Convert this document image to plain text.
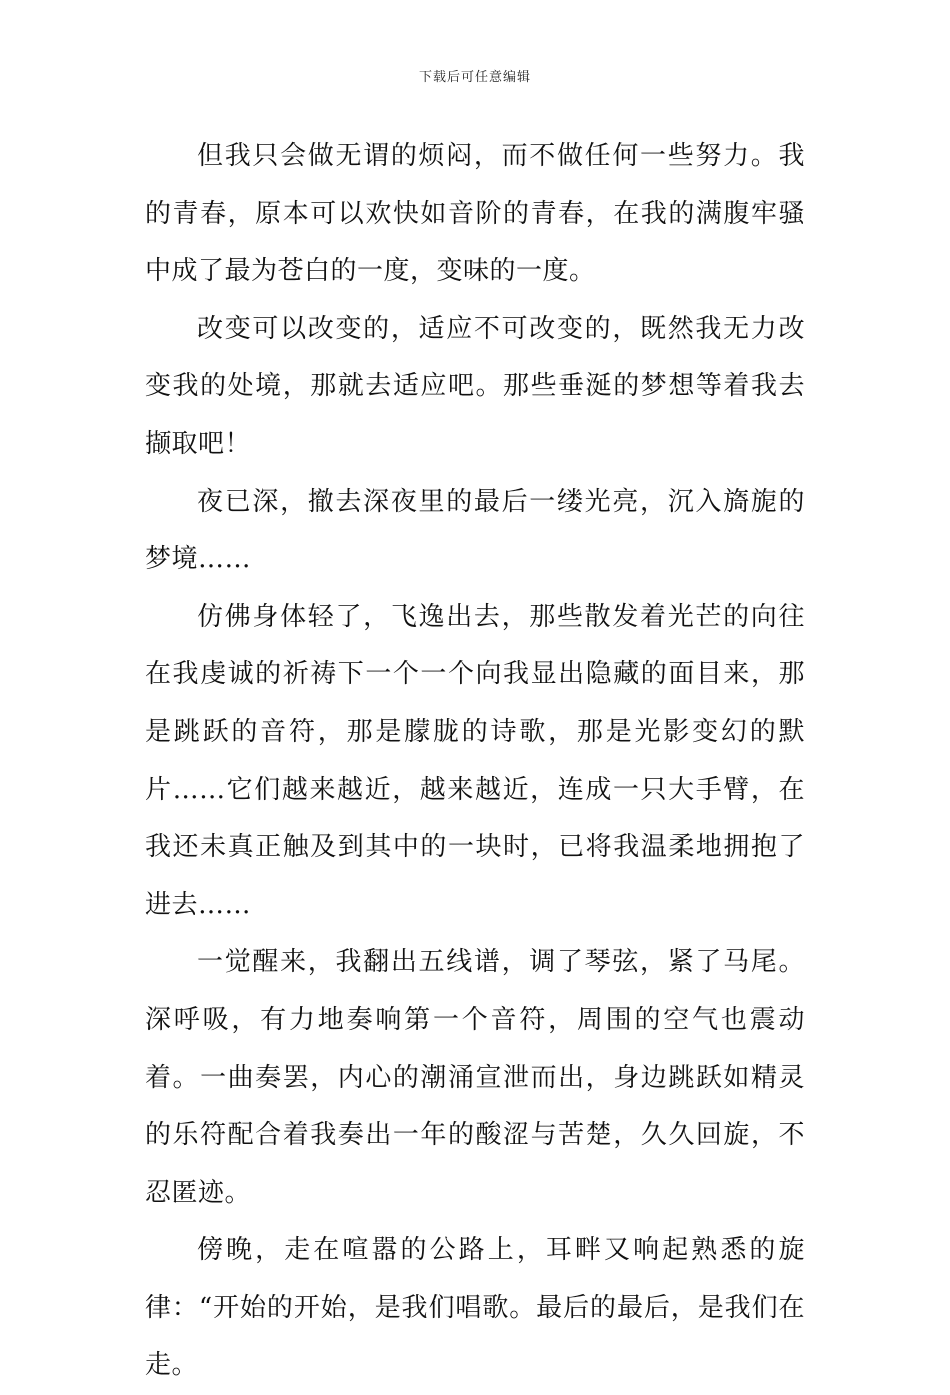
下载后可任意编辑

但我只会做无谓的烦闷，而不做任何一些努力。我的青春，原本可以欢快如音阶的青春，在我的满腹牢骚中成了最为苍白的一度，变味的一度。

改变可以改变的，适应不可改变的，既然我无力改变我的处境，那就去适应吧。那些垂涎的梦想等着我去撷取吧！

夜已深，撤去深夜里的最后一缕光亮，沉入旖旎的梦境……

仿佛身体轻了，飞逸出去，那些散发着光芒的向往在我虔诚的祈祷下一个一个向我显出隐藏的面目来，那是跳跃的音符，那是朦胧的诗歌，那是光影变幻的默片……它们越来越近，越来越近，连成一只大手臂，在我还未真正触及到其中的一块时，已将我温柔地拥抱了进去……

一觉醒来，我翻出五线谱，调了琴弦，紧了马尾。深呼吸，有力地奏响第一个音符，周围的空气也震动着。一曲奏罢，内心的潮涌宣泄而出，身边跳跃如精灵的乐符配合着我奏出一年的酸涩与苦楚，久久回旋，不忍匿迹。

傍晚，走在喧嚣的公路上，耳畔又响起熟悉的旋律：“开始的开始，是我们唱歌。最后的最后，是我们在走。
